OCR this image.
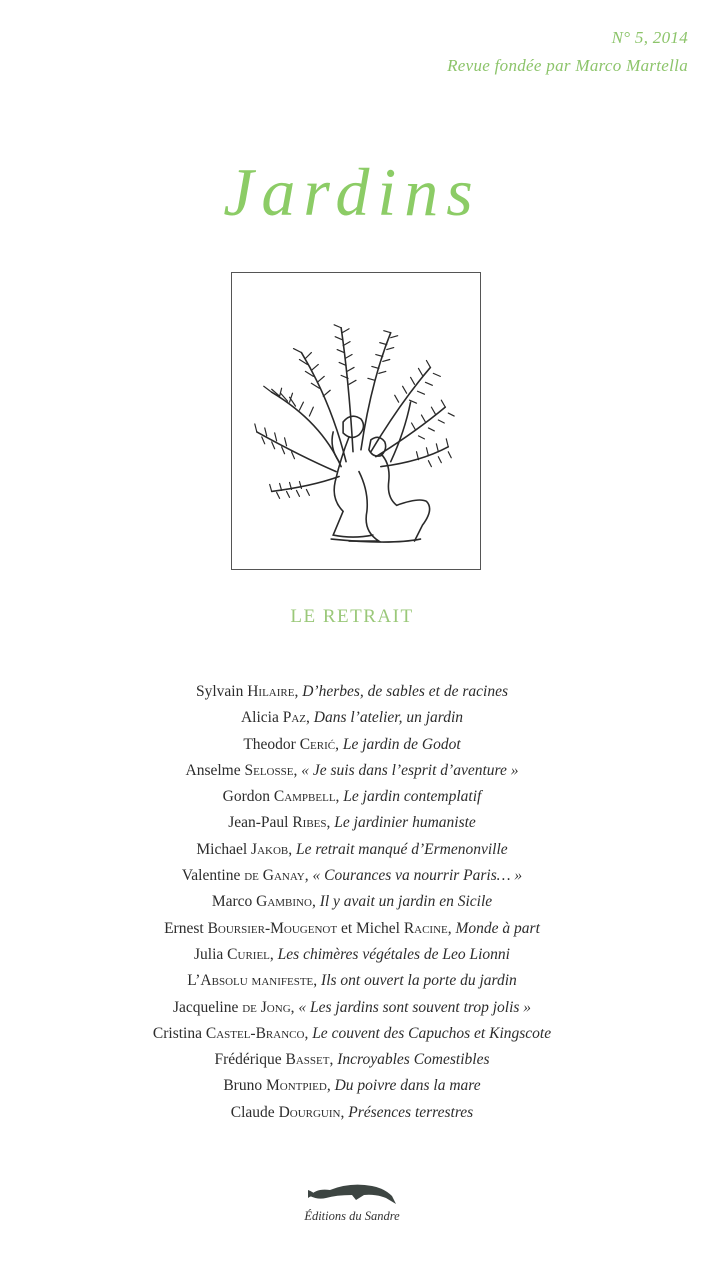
N° 5, 2014
Revue fondée par Marco Martella
Jardins
LE RETRAIT
Sylvain Hilaire, D’herbes, de sables et de racines
Alicia Paz, Dans l’atelier, un jardin
Theodor Cerić, Le jardin de Godot
Anselme Selosse, « Je suis dans l’esprit d’aventure »
Gordon Campbell, Le jardin contemplatif
Jean-Paul Ribes, Le jardinier humaniste
Michael Jakob, Le retrait manqué d’Ermenonville
Valentine de Ganay, « Courances va nourrir Paris… »
Marco Gambino, Il y avait un jardin en Sicile
Ernest Boursier-Mougenot et Michel Racine, Monde à part
Julia Curiel, Les chimères végétales de Leo Lionni
L’Absolu manifeste, Ils ont ouvert la porte du jardin
Jacqueline de Jong, « Les jardins sont souvent trop jolis »
Cristina Castel-Branco, Le couvent des Capuchos et Kingscote
Frédérique Basset, Incroyables Comestibles
Bruno Montpied, Du poivre dans la mare
Claude Dourguin, Présences terrestres
Éditions du Sandre
